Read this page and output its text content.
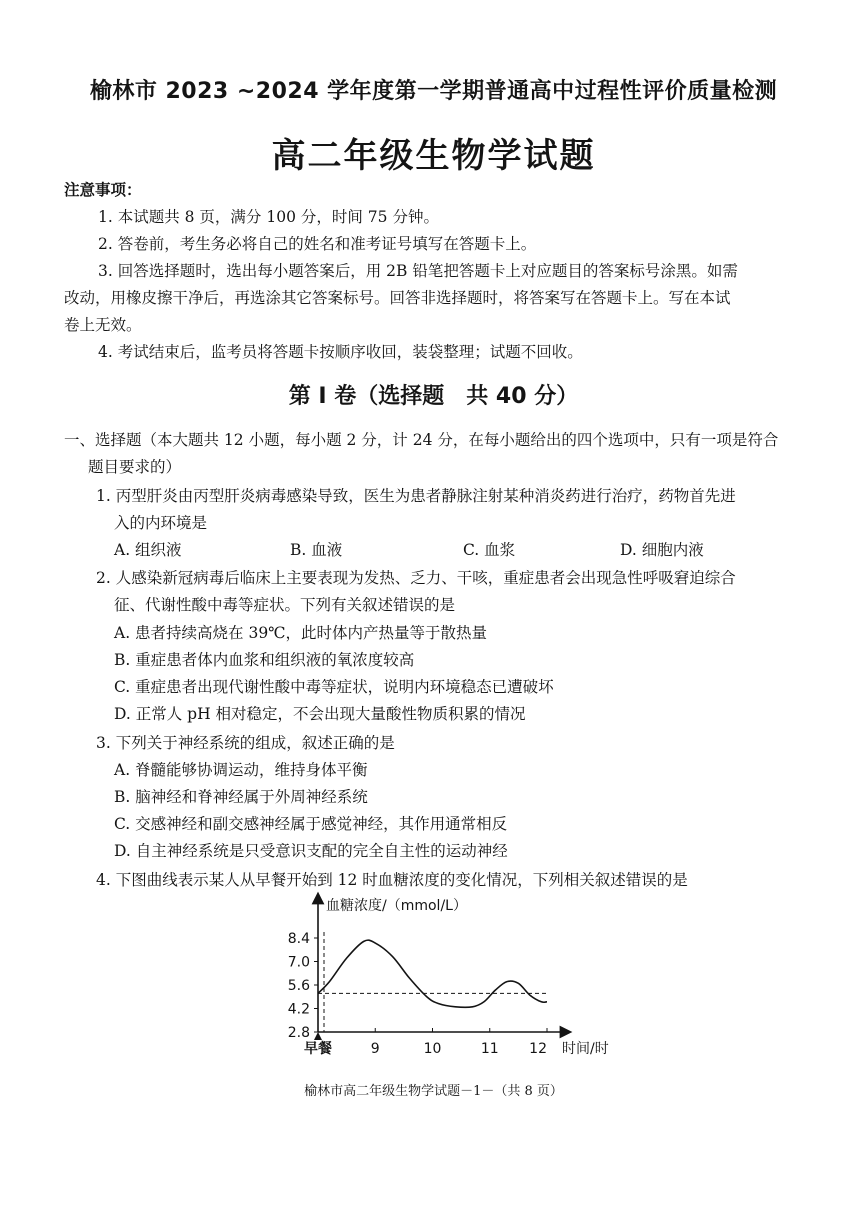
榆林市 2023 ~2024 学年度第一学期普通高中过程性评价质量检测
高二年级生物学试题
注意事项：
1. 本试题共 8 页，满分 100 分，时间 75 分钟。
2. 答卷前，考生务必将自己的姓名和准考证号填写在答题卡上。
3. 回答选择题时，选出每小题答案后，用 2B 铅笔把答题卡上对应题目的答案标号涂黑。如需
改动，用橡皮擦干净后，再选涂其它答案标号。回答非选择题时，将答案写在答题卡上。写在本试
卷上无效。
4. 考试结束后，监考员将答题卡按顺序收回，装袋整理；试题不回收。
第 Ⅰ 卷（选择题　共 40 分）
一、选择题（本大题共 12 小题，每小题 2 分，计 24 分，在每小题给出的四个选项中，只有一项是符合
题目要求的）
1. 丙型肝炎由丙型肝炎病毒感染导致，医生为患者静脉注射某种消炎药进行治疗，药物首先进
入的内环境是
A. 组织液	B. 血液	C. 血浆	D. 细胞内液
2. 人感染新冠病毒后临床上主要表现为发热、乏力、干咳，重症患者会出现急性呼吸窘迫综合
征、代谢性酸中毒等症状。下列有关叙述错误的是
A. 患者持续高烧在 39℃，此时体内产热量等于散热量
B. 重症患者体内血浆和组织液的氧浓度较高
C. 重症患者出现代谢性酸中毒等症状，说明内环境稳态已遭破坏
D. 正常人 pH 相对稳定，不会出现大量酸性物质积累的情况
3. 下列关于神经系统的组成，叙述正确的是
A. 脊髓能够协调运动，维持身体平衡
B. 脑神经和脊神经属于外周神经系统
C. 交感神经和副交感神经属于感觉神经，其作用通常相反
D. 自主神经系统是只受意识支配的完全自主性的运动神经
4. 下图曲线表示某人从早餐开始到 12 时血糖浓度的变化情况，下列相关叙述错误的是
血糖浓度/（mmol/L）
时间/时
2.8
4.2
5.6
7.0
8.4
早餐	9	10	11 12
榆林市高二年级生物学试题－1－（共 8 页）
